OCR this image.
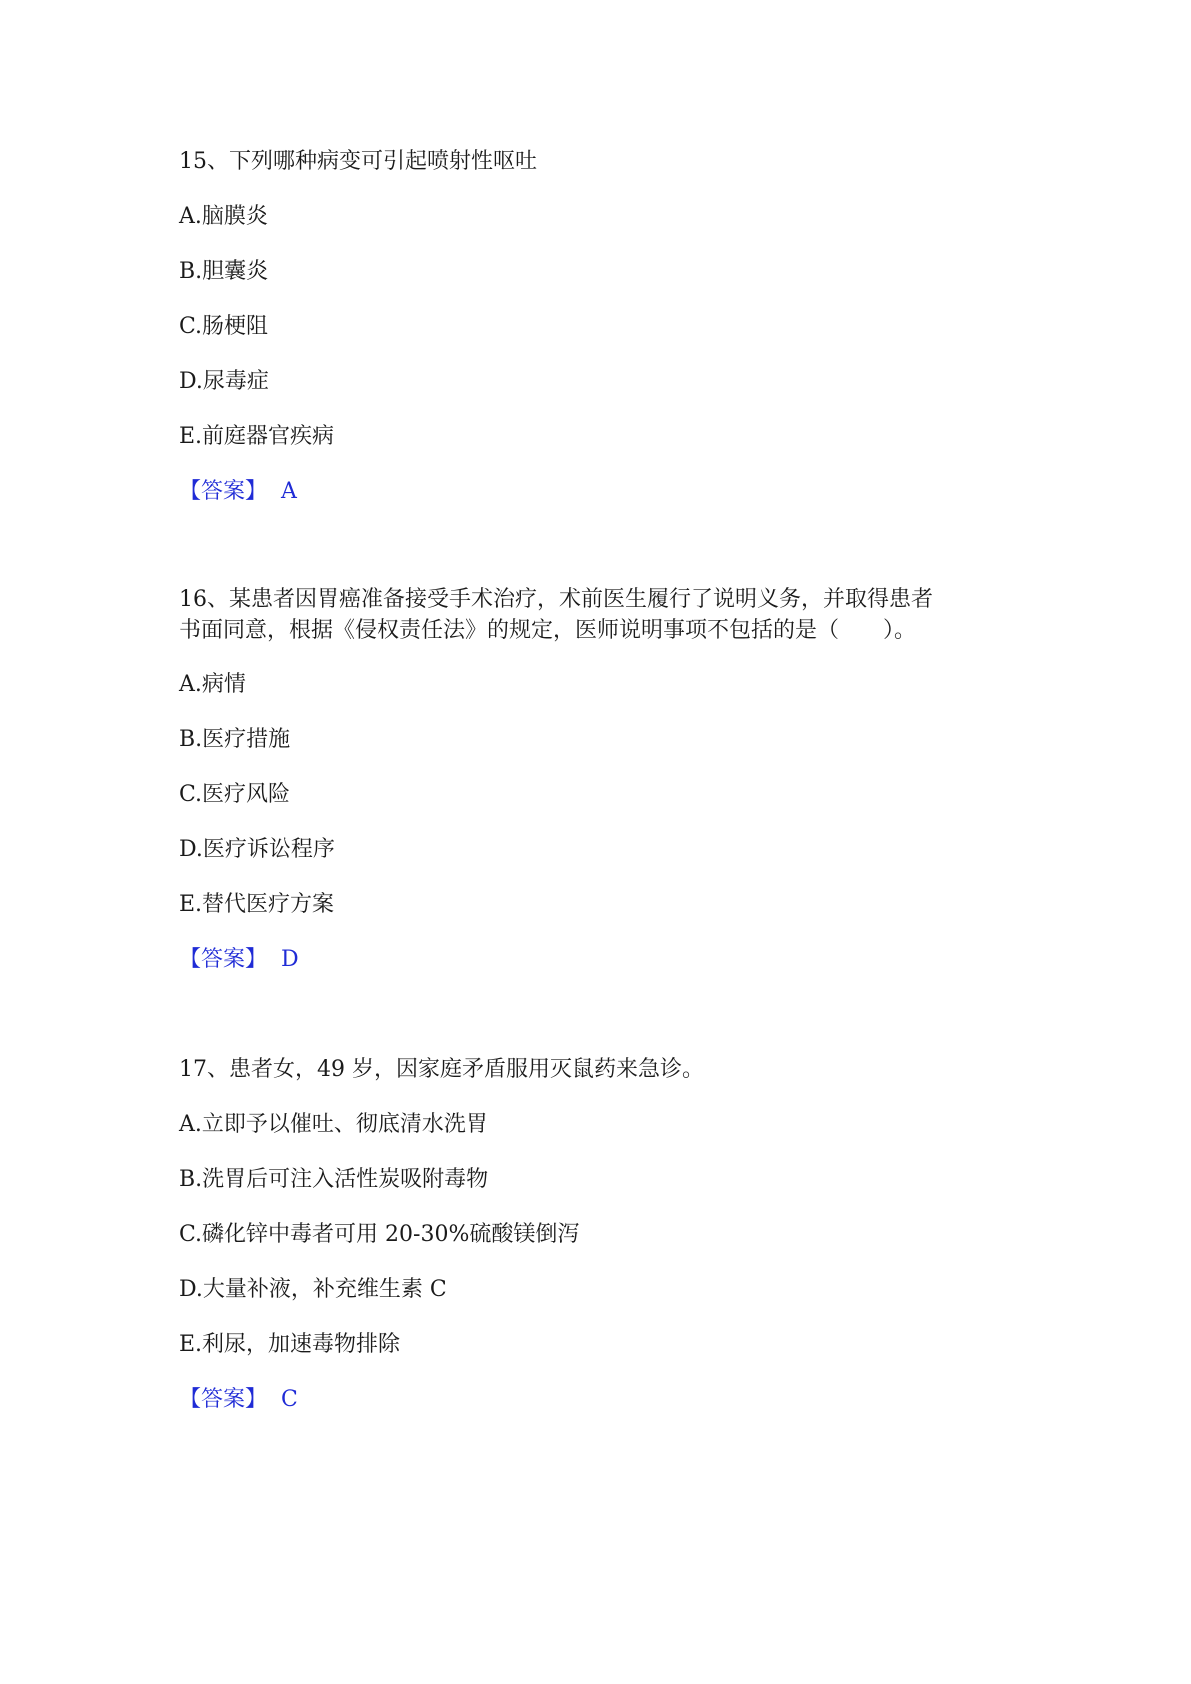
15、下列哪种病变可引起喷射性呕吐
A.脑膜炎
B.胆囊炎
C.肠梗阻
D.尿毒症
E.前庭器官疾病
【答案】 A
16、某患者因胃癌准备接受手术治疗，术前医生履行了说明义务，并取得患者
书面同意，根据《侵权责任法》的规定，医师说明事项不包括的是（　　）。
A.病情
B.医疗措施
C.医疗风险
D.医疗诉讼程序
E.替代医疗方案
【答案】 D
17、患者女，49 岁，因家庭矛盾服用灭鼠药来急诊。
A.立即予以催吐、彻底清水洗胃
B.洗胃后可注入活性炭吸附毒物
C.磷化锌中毒者可用 20-30%硫酸镁倒泻
D.大量补液，补充维生素 C
E.利尿，加速毒物排除
【答案】 C
